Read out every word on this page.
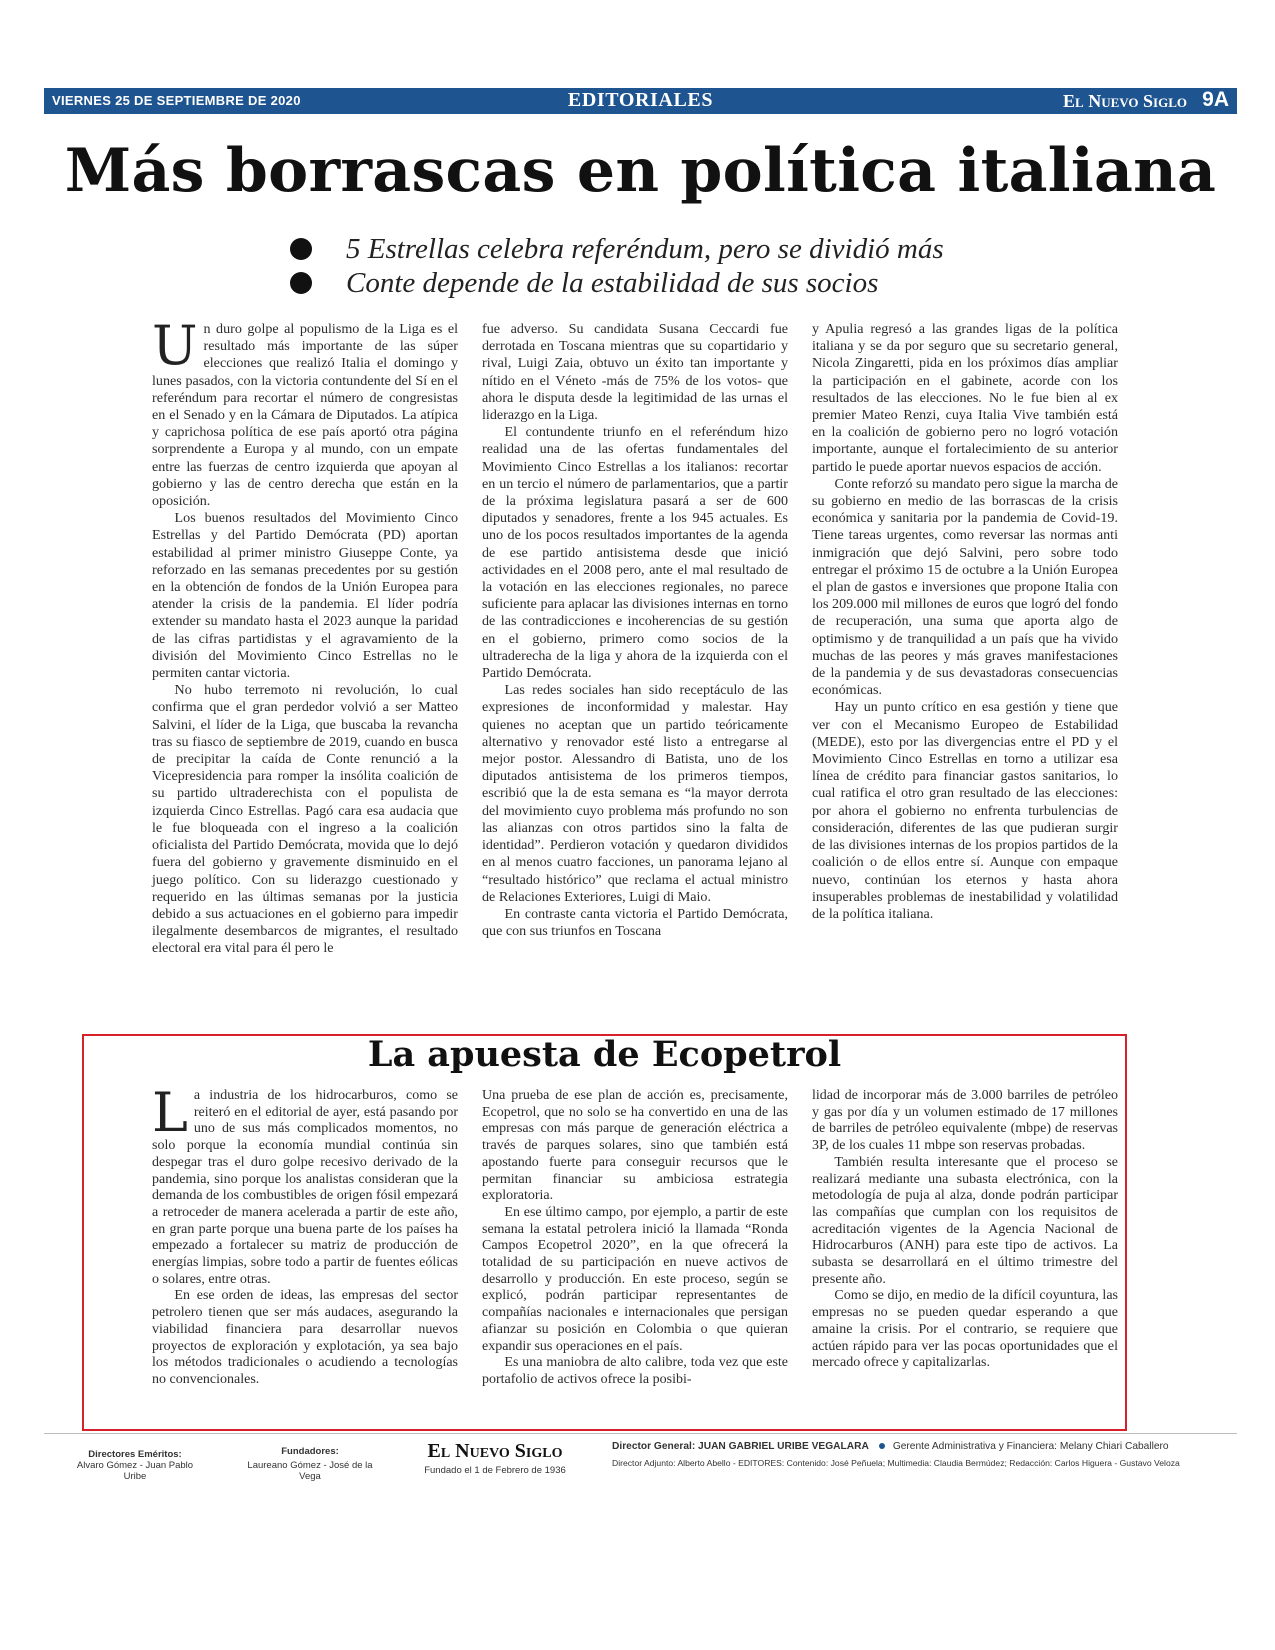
VIERNES 25 DE SEPTIEMBRE DE 2020	EDITORIALES	El Nuevo Siglo 9A
Más borrascas en política italiana
5 Estrellas celebra referéndum, pero se dividió más
Conte depende de la estabilidad de sus socios

Un duro golpe al populismo de la Liga es el resultado más importante de las súper elecciones que realizó Italia el domingo y lunes pasados, con la victoria contundente del Sí en el referéndum para recortar el número de congresistas en el Senado y en la Cámara de Diputados. La atípica y caprichosa política de ese país aportó otra página sorprendente a Europa y al mundo, con un empate entre las fuerzas de centro izquierda que apoyan al gobierno y las de centro derecha que están en la oposición.

Los buenos resultados del Movimiento Cinco Estrellas y del Partido Demócrata (PD) aportan estabilidad al primer ministro Giuseppe Conte, ya reforzado en las semanas precedentes por su gestión en la obtención de fondos de la Unión Europea para atender la crisis de la pandemia. El líder podría extender su mandato hasta el 2023 aunque la paridad de las cifras partidistas y el agravamiento de la división del Movimiento Cinco Estrellas no le permiten cantar victoria.

No hubo terremoto ni revolución, lo cual confirma que el gran perdedor volvió a ser Matteo Salvini, el líder de la Liga, que buscaba la revancha tras su fiasco de septiembre de 2019, cuando en busca de precipitar la caída de Conte renunció a la Vicepresidencia para romper la insólita coalición de su partido ultraderechista con el populista de izquierda Cinco Estrellas. Pagó cara esa audacia que le fue bloqueada con el ingreso a la coalición oficialista del Partido Demócrata, movida que lo dejó fuera del gobierno y gravemente disminuido en el juego político. Con su liderazgo cuestionado y requerido en las últimas semanas por la justicia debido a sus actuaciones en el gobierno para impedir ilegalmente desembarcos de migrantes, el resultado electoral era vital para él pero le

fue adverso. Su candidata Susana Ceccardi fue derrotada en Toscana mientras que su copartidario y rival, Luigi Zaia, obtuvo un éxito tan importante y nítido en el Véneto -más de 75% de los votos- que ahora le disputa desde la legitimidad de las urnas el liderazgo en la Liga.

El contundente triunfo en el referéndum hizo realidad una de las ofertas fundamentales del Movimiento Cinco Estrellas a los italianos: recortar en un tercio el número de parlamentarios, que a partir de la próxima legislatura pasará a ser de 600 diputados y senadores, frente a los 945 actuales. Es uno de los pocos resultados importantes de la agenda de ese partido antisistema desde que inició actividades en el 2008 pero, ante el mal resultado de la votación en las elecciones regionales, no parece suficiente para aplacar las divisiones internas en torno de las contradicciones e incoherencias de su gestión en el gobierno, primero como socios de la ultraderecha de la liga y ahora de la izquierda con el Partido Demócrata.

Las redes sociales han sido receptáculo de las expresiones de inconformidad y malestar. Hay quienes no aceptan que un partido teóricamente alternativo y renovador esté listo a entregarse al mejor postor. Alessandro di Batista, uno de los diputados antisistema de los primeros tiempos, escribió que la de esta semana es “la mayor derrota del movimiento cuyo problema más profundo no son las alianzas con otros partidos sino la falta de identidad”. Perdieron votación y quedaron divididos en al menos cuatro facciones, un panorama lejano al “resultado histórico” que reclama el actual ministro de Relaciones Exteriores, Luigi di Maio.

En contraste canta victoria el Partido Demócrata, que con sus triunfos en Toscana

y Apulia regresó a las grandes ligas de la política italiana y se da por seguro que su secretario general, Nicola Zingaretti, pida en los próximos días ampliar la participación en el gabinete, acorde con los resultados de las elecciones. No le fue bien al ex premier Mateo Renzi, cuya Italia Vive también está en la coalición de gobierno pero no logró votación importante, aunque el fortalecimiento de su anterior partido le puede aportar nuevos espacios de acción.

Conte reforzó su mandato pero sigue la marcha de su gobierno en medio de las borrascas de la crisis económica y sanitaria por la pandemia de Covid-19. Tiene tareas urgentes, como reversar las normas anti inmigración que dejó Salvini, pero sobre todo entregar el próximo 15 de octubre a la Unión Europea el plan de gastos e inversiones que propone Italia con los 209.000 mil millones de euros que logró del fondo de recuperación, una suma que aporta algo de optimismo y de tranquilidad a un país que ha vivido muchas de las peores y más graves manifestaciones de la pandemia y de sus devastadoras consecuencias económicas.

Hay un punto crítico en esa gestión y tiene que ver con el Mecanismo Europeo de Estabilidad (MEDE), esto por las divergencias entre el PD y el Movimiento Cinco Estrellas en torno a utilizar esa línea de crédito para financiar gastos sanitarios, lo cual ratifica el otro gran resultado de las elecciones: por ahora el gobierno no enfrenta turbulencias de consideración, diferentes de las que pudieran surgir de las divisiones internas de los propios partidos de la coalición o de ellos entre sí. Aunque con empaque nuevo, continúan los eternos y hasta ahora insuperables problemas de inestabilidad y volatilidad de la política italiana.

La apuesta de Ecopetrol

La industria de los hidrocarburos, como se reiteró en el editorial de ayer, está pasando por uno de sus más complicados momentos, no solo porque la economía mundial continúa sin despegar tras el duro golpe recesivo derivado de la pandemia, sino porque los analistas consideran que la demanda de los combustibles de origen fósil empezará a retroceder de manera acelerada a partir de este año, en gran parte porque una buena parte de los países ha empezado a fortalecer su matriz de producción de energías limpias, sobre todo a partir de fuentes eólicas o solares, entre otras.

En ese orden de ideas, las empresas del sector petrolero tienen que ser más audaces, asegurando la viabilidad financiera para desarrollar nuevos proyectos de exploración y explotación, ya sea bajo los métodos tradicionales o acudiendo a tecnologías no convencionales.

Una prueba de ese plan de acción es, precisamente, Ecopetrol, que no solo se ha convertido en una de las empresas con más parque de generación eléctrica a través de parques solares, sino que también está apostando fuerte para conseguir recursos que le permitan financiar su ambiciosa estrategia exploratoria.

En ese último campo, por ejemplo, a partir de este semana la estatal petrolera inició la llamada “Ronda Campos Ecopetrol 2020”, en la que ofrecerá la totalidad de su participación en nueve activos de desarrollo y producción. En este proceso, según se explicó, podrán participar representantes de compañías nacionales e internacionales que persigan afianzar su posición en Colombia o que quieran expandir sus operaciones en el país.

Es una maniobra de alto calibre, toda vez que este portafolio de activos ofrece la posibi-

lidad de incorporar más de 3.000 barriles de petróleo y gas por día y un volumen estimado de 17 millones de barriles de petróleo equivalente (mbpe) de reservas 3P, de los cuales 11 mbpe son reservas probadas.

También resulta interesante que el proceso se realizará mediante una subasta electrónica, con la metodología de puja al alza, donde podrán participar las compañías que cumplan con los requisitos de acreditación vigentes de la Agencia Nacional de Hidrocarburos (ANH) para este tipo de activos. La subasta se desarrollará en el último trimestre del presente año.

Como se dijo, en medio de la difícil coyuntura, las empresas no se pueden quedar esperando a que amaine la crisis. Por el contrario, se requiere que actúen rápido para ver las pocas oportunidades que el mercado ofrece y capitalizarlas.

Directores Eméritos:
Alvaro Gómez - Juan Pablo Uribe
Fundadores:
Laureano Gómez - José de la Vega
El Nuevo Siglo
Fundado el 1 de Febrero de 1936
Director General: JUAN GABRIEL URIBE VEGALARA Gerente Administrativa y Financiera: Melany Chiari Caballero
Director Adjunto: Alberto Abello - EDITORES: Contenido: José Peñuela; Multimedia: Claudia Bermúdez; Redacción: Carlos Higuera - Gustavo Veloza
